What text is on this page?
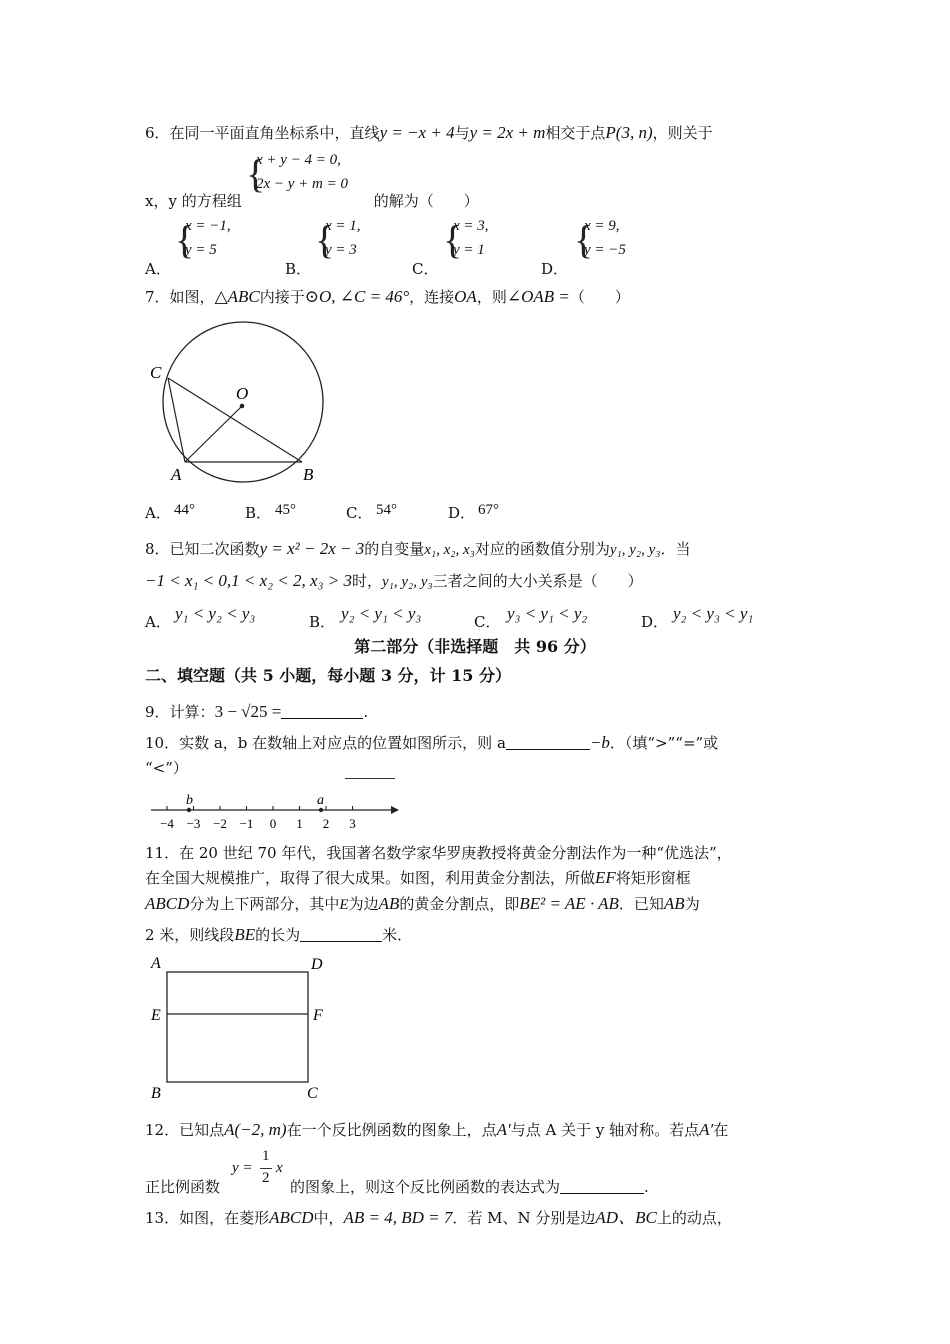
6．在同一平面直角坐标系中，直线y = −x + 4与y = 2x + m相交于点P(3, n)，则关于
{
x + y − 4 = 0,
2x − y + m = 0
x，y 的方程组	的解为（　　）
A．
{
x = −1,
y = 5
B．
{
x = 1,
y = 3
C．
{
x = 3,
y = 1
D．
{
x = 9,
y = −5
7．如图，△ABC内接于⊙O, ∠C = 46°，连接OA，则∠OAB =（　　）
C
O
A	B
A． 44°	B． 45°	C． 54°	D． 67°
8．已知二次函数y = x² − 2x − 3的自变量x₁, x₂, x₃对应的函数值分别为y₁, y₂, y₃．当
−1 < x₁ < 0,1 < x₂ < 2, x₃ > 3时，y₁, y₂, y₃三者之间的大小关系是（　　）
A． y₁ < y₂ < y₃	B． y₂ < y₁ < y₃	C． y₃ < y₁ < y₂	D． y₂ < y₃ < y₁
第二部分（非选择题　共 96 分）
二、填空题（共 5 小题，每小题 3 分，计 15 分）
9．计算：3 − √25 =	.
10．实数 a，b 在数轴上对应点的位置如图所示，则 a	−b．（填“>”“=”或
“<”）
−4 −3 −2 −1 0 1 2 3
b	a
11．在 20 世纪 70 年代，我国著名数学家华罗庚教授将黄金分割法作为一种“优选法”，
在全国大规模推广，取得了很大成果。如图，利用黄金分割法，所做EF将矩形窗框
ABCD分为上下两部分，其中E为边AB的黄金分割点，即BE² = AE · AB．已知AB为
2 米，则线段BE的长为	米．
A	D
E	F
B	C
12．已知点A(−2, m)在一个反比例函数的图象上，点A′与点 A 关于 y 轴对称。若点A′在
y =
1
2
x
正比例函数	的图象上，则这个反比例函数的表达式为	.
13．如图，在菱形ABCD中，AB = 4, BD = 7．若 M、N 分别是边AD、BC上的动点，
